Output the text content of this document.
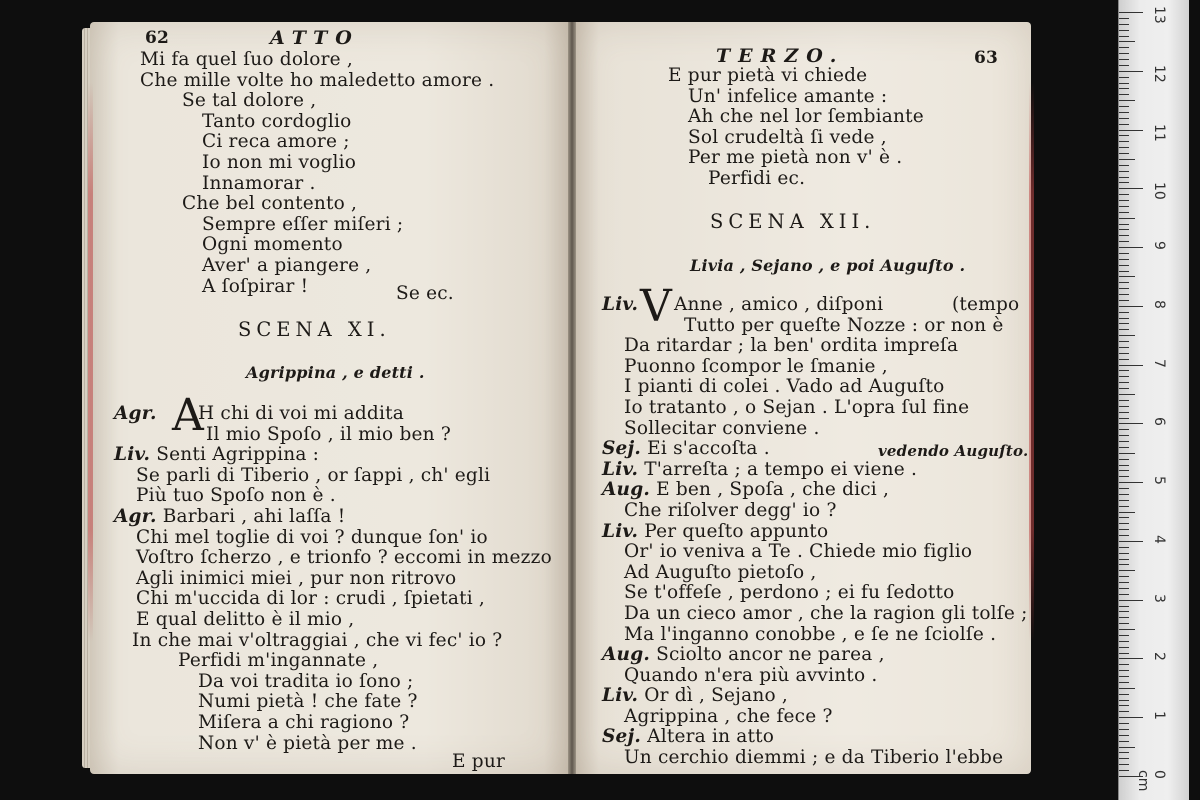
62	ATTO
Mi fa quel ſuo dolore ,
Che mille volte ho maledetto amore .
Se tal dolore ,
Tanto cordoglio
Ci reca amore ;
Io non mi voglio
Innamorar .
Che bel contento ,
Sempre eſſer miſeri ;
Ogni momento
Aver' a piangere ,
A ſoſpirar !	Se ec.
SCENA XI.
Agrippina , e detti .
Agr. A
H chi di voi mi addita
Il mio Spoſo , il mio ben ?
Liv. Senti Agrippina :
Se parli di Tiberio , or ſappi , ch' egli
Più tuo Spoſo non è .
Agr. Barbari , ahi laſſa !
Chi mel toglie di voi ? dunque ſon' io
Voſtro ſcherzo , e trionfo ? eccomi in mezzo
Agli inimici miei , pur non ritrovo
Chi m'uccida di lor : crudi , ſpietati ,
E qual delitto è il mio ,
In che mai v'oltraggiai , che vi fec' io ?
Perfidi m'ingannate ,
Da voi tradita io ſono ;
Numi pietà ! che fate ?
Miſera a chi ragiono ?
Non v' è pietà per me .
E pur
TERZO.	63
E pur pietà vi chiede
Un' infelice amante :
Ah che nel lor ſembiante
Sol crudeltà ſi vede ,
Per me pietà non v' è .
Perfidi ec.
SCENA XII.
Livia , Sejano , e poi Auguſto .
Liv. V Anne , amico , diſponi	(tempo
Tutto per queſte Nozze : or non è
Da ritardar ; la ben' ordita impreſa
Puonno ſcompor le ſmanie ,
I pianti di colei . Vado ad Auguſto
Io tratanto , o Sejan . L'opra ſul fine
Sollecitar conviene .
Sej. Ei s'accoſta .	vedendo Auguſto.
Liv. T'arreſta ; a tempo ei viene .
Aug. E ben , Spoſa , che dici ,
Che riſolver degg' io ?
Liv. Per queſto appunto
Or' io veniva a Te . Chiede mio figlio
Ad Auguſto pietoſo ,
Se t'offeſe , perdono ; ei fu ſedotto
Da un cieco amor , che la ragion gli tolſe ;
Ma l'inganno conobbe , e ſe ne ſciolſe .
Aug. Sciolto ancor ne parea ,
Quando n'era più avvinto .
Liv. Or dì , Sejano ,
Agrippina , che fece ?
Sej. Altera in atto
Un cerchio diemmi ; e da Tiberio l'ebbe
13
12
11
10
9
8
7
6
5
4
3
2
1
0 cm
